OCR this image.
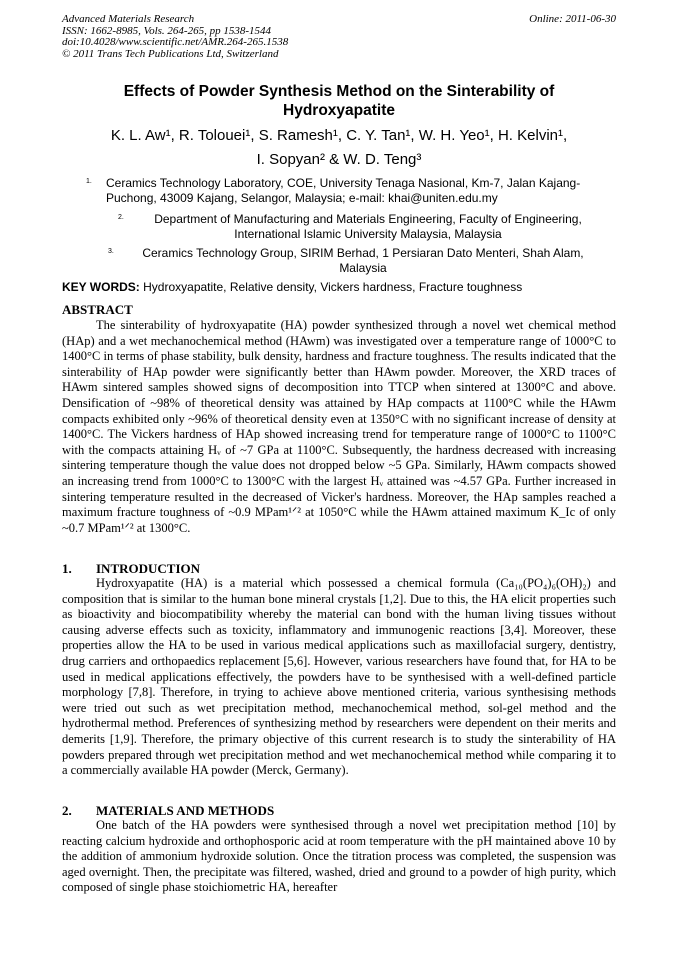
Advanced Materials Research
ISSN: 1662-8985, Vols. 264-265, pp 1538-1544
doi:10.4028/www.scientific.net/AMR.264-265.1538
© 2011 Trans Tech Publications Ltd, Switzerland
Online: 2011-06-30
Effects of Powder Synthesis Method on the Sinterability of
Hydroxyapatite
K. L. Aw¹, R. Tolouei¹, S. Ramesh¹, C. Y. Tan¹, W. H. Yeo¹, H. Kelvin¹,
I. Sopyan² & W. D. Teng³
1.	Ceramics Technology Laboratory, COE, University Tenaga Nasional, Km-7, Jalan Kajang-
Puchong, 43009 Kajang, Selangor, Malaysia; e-mail: khai@uniten.edu.my
2.	Department of Manufacturing and Materials Engineering, Faculty of Engineering,
International Islamic University Malaysia, Malaysia
3.	Ceramics Technology Group, SIRIM Berhad, 1 Persiaran Dato Menteri, Shah Alam,
Malaysia
KEY WORDS: Hydroxyapatite, Relative density, Vickers hardness, Fracture toughness
ABSTRACT
The sinterability of hydroxyapatite (HA) powder synthesized through a novel wet chemical method (HAp) and a wet mechanochemical method (HAwm) was investigated over a temperature range of 1000°C to 1400°C in terms of phase stability, bulk density, hardness and fracture toughness. The results indicated that the sinterability of HAp powder were significantly better than HAwm powder. Moreover, the XRD traces of HAwm sintered samples showed signs of decomposition into TTCP when sintered at 1300°C and above. Densification of ~98% of theoretical density was attained by HAp compacts at 1100°C while the HAwm compacts exhibited only ~96% of theoretical density even at 1350°C with no significant increase of density at 1400°C. The Vickers hardness of HAp showed increasing trend for temperature range of 1000°C to 1100°C with the compacts attaining Hᵥ of ~7 GPa at 1100°C. Subsequently, the hardness decreased with increasing sintering temperature though the value does not dropped below ~5 GPa. Similarly, HAwm compacts showed an increasing trend from 1000°C to 1300°C with the largest Hᵥ attained was ~4.57 GPa. Further increased in sintering temperature resulted in the decreased of Vicker's hardness. Moreover, the HAp samples reached a maximum fracture toughness of ~0.9 MPam¹ᐟ² at 1050°C while the HAwm attained maximum K_Ic of only ~0.7 MPam¹ᐟ² at 1300°C.
1. INTRODUCTION
Hydroxyapatite (HA) is a material which possessed a chemical formula (Ca₁₀(PO₄)₆(OH)₂) and composition that is similar to the human bone mineral crystals [1,2]. Due to this, the HA elicit properties such as bioactivity and biocompatibility whereby the material can bond with the human living tissues without causing adverse effects such as toxicity, inflammatory and immunogenic reactions [3,4]. Moreover, these properties allow the HA to be used in various medical applications such as maxillofacial surgery, dentistry, drug carriers and orthopaedics replacement [5,6]. However, various researchers have found that, for HA to be used in medical applications effectively, the powders have to be synthesised with a well-defined particle morphology [7,8]. Therefore, in trying to achieve above mentioned criteria, various synthesising methods were tried out such as wet precipitation method, mechanochemical method, sol-gel method and the hydrothermal method. Preferences of synthesizing method by researchers were dependent on their merits and demerits [1,9]. Therefore, the primary objective of this current research is to study the sinterability of HA powders prepared through wet precipitation method and wet mechanochemical method while comparing it to a commercially available HA powder (Merck, Germany).
2. MATERIALS AND METHODS
One batch of the HA powders were synthesised through a novel wet precipitation method [10] by reacting calcium hydroxide and orthophosporic acid at room temperature with the pH maintained above 10 by the addition of ammonium hydroxide solution. Once the titration process was completed, the suspension was aged overnight. Then, the precipitate was filtered, washed, dried and ground to a powder of high purity, which composed of single phase stoichiometric HA, hereafter
